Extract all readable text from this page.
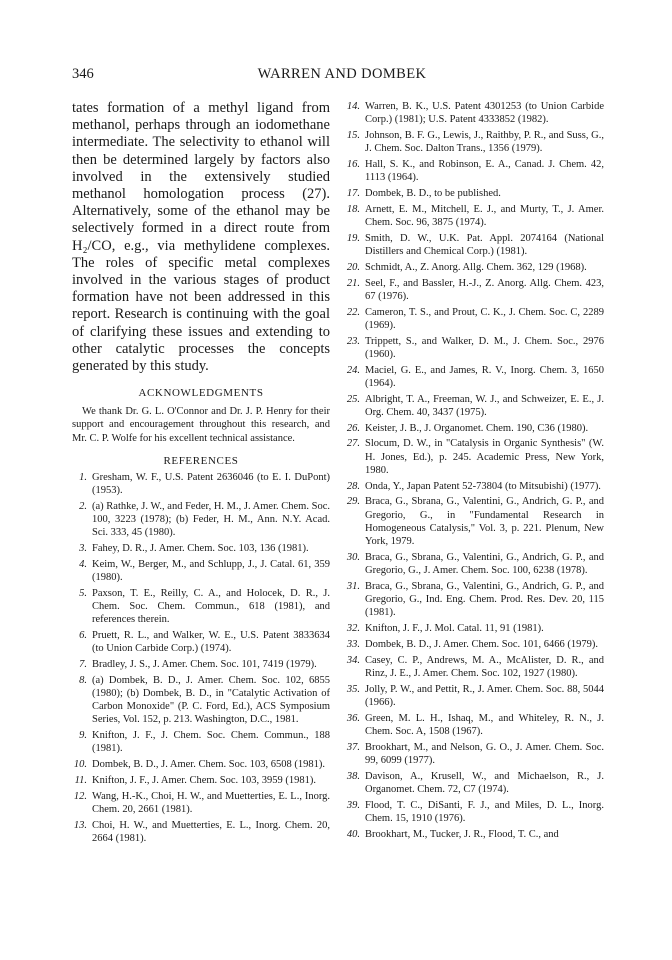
346	WARREN AND DOMBEK

tates formation of a methyl ligand from methanol, perhaps through an iodomethane intermediate. The selectivity to ethanol will then be determined largely by factors also involved in the extensively studied methanol homologation process (27). Alternatively, some of the ethanol may be selectively formed in a direct route from H₂/CO, e.g., via methylidene complexes. The roles of specific metal complexes involved in the various stages of product formation have not been addressed in this report. Research is continuing with the goal of clarifying these issues and extending to other catalytic processes the concepts generated by this study.

ACKNOWLEDGMENTS

We thank Dr. G. L. O'Connor and Dr. J. P. Henry for their support and encouragement throughout this research, and Mr. C. P. Wolfe for his excellent technical assistance.

REFERENCES

1. Gresham, W. F., U.S. Patent 2636046 (to E. I. DuPont) (1953).
2. (a) Rathke, J. W., and Feder, H. M., J. Amer. Chem. Soc. 100, 3223 (1978); (b) Feder, H. M., Ann. N.Y. Acad. Sci. 333, 45 (1980).
3. Fahey, D. R., J. Amer. Chem. Soc. 103, 136 (1981).
4. Keim, W., Berger, M., and Schlupp, J., J. Catal. 61, 359 (1980).
5. Paxson, T. E., Reilly, C. A., and Holocek, D. R., J. Chem. Soc. Chem. Commun., 618 (1981), and references therein.
6. Pruett, R. L., and Walker, W. E., U.S. Patent 3833634 (to Union Carbide Corp.) (1974).
7. Bradley, J. S., J. Amer. Chem. Soc. 101, 7419 (1979).
8. (a) Dombek, B. D., J. Amer. Chem. Soc. 102, 6855 (1980); (b) Dombek, B. D., in "Catalytic Activation of Carbon Monoxide" (P. C. Ford, Ed.), ACS Symposium Series, Vol. 152, p. 213. Washington, D.C., 1981.
9. Knifton, J. F., J. Chem. Soc. Chem. Commun., 188 (1981).
10. Dombek, B. D., J. Amer. Chem. Soc. 103, 6508 (1981).
11. Knifton, J. F., J. Amer. Chem. Soc. 103, 3959 (1981).
12. Wang, H.-K., Choi, H. W., and Muetterties, E. L., Inorg. Chem. 20, 2661 (1981).
13. Choi, H. W., and Muetterties, E. L., Inorg. Chem. 20, 2664 (1981).
14. Warren, B. K., U.S. Patent 4301253 (to Union Carbide Corp.) (1981); U.S. Patent 4333852 (1982).
15. Johnson, B. F. G., Lewis, J., Raithby, P. R., and Suss, G., J. Chem. Soc. Dalton Trans., 1356 (1979).
16. Hall, S. K., and Robinson, E. A., Canad. J. Chem. 42, 1113 (1964).
17. Dombek, B. D., to be published.
18. Arnett, E. M., Mitchell, E. J., and Murty, T., J. Amer. Chem. Soc. 96, 3875 (1974).
19. Smith, D. W., U.K. Pat. Appl. 2074164 (National Distillers and Chemical Corp.) (1981).
20. Schmidt, A., Z. Anorg. Allg. Chem. 362, 129 (1968).
21. Seel, F., and Bassler, H.-J., Z. Anorg. Allg. Chem. 423, 67 (1976).
22. Cameron, T. S., and Prout, C. K., J. Chem. Soc. C, 2289 (1969).
23. Trippett, S., and Walker, D. M., J. Chem. Soc., 2976 (1960).
24. Maciel, G. E., and James, R. V., Inorg. Chem. 3, 1650 (1964).
25. Albright, T. A., Freeman, W. J., and Schweizer, E. E., J. Org. Chem. 40, 3437 (1975).
26. Keister, J. B., J. Organomet. Chem. 190, C36 (1980).
27. Slocum, D. W., in "Catalysis in Organic Synthesis" (W. H. Jones, Ed.), p. 245. Academic Press, New York, 1980.
28. Onda, Y., Japan Patent 52-73804 (to Mitsubishi) (1977).
29. Braca, G., Sbrana, G., Valentini, G., Andrich, G. P., and Gregorio, G., in "Fundamental Research in Homogeneous Catalysis," Vol. 3, p. 221. Plenum, New York, 1979.
30. Braca, G., Sbrana, G., Valentini, G., Andrich, G. P., and Gregorio, G., J. Amer. Chem. Soc. 100, 6238 (1978).
31. Braca, G., Sbrana, G., Valentini, G., Andrich, G. P., and Gregorio, G., Ind. Eng. Chem. Prod. Res. Dev. 20, 115 (1981).
32. Knifton, J. F., J. Mol. Catal. 11, 91 (1981).
33. Dombek, B. D., J. Amer. Chem. Soc. 101, 6466 (1979).
34. Casey, C. P., Andrews, M. A., McAlister, D. R., and Rinz, J. E., J. Amer. Chem. Soc. 102, 1927 (1980).
35. Jolly, P. W., and Pettit, R., J. Amer. Chem. Soc. 88, 5044 (1966).
36. Green, M. L. H., Ishaq, M., and Whiteley, R. N., J. Chem. Soc. A, 1508 (1967).
37. Brookhart, M., and Nelson, G. O., J. Amer. Chem. Soc. 99, 6099 (1977).
38. Davison, A., Krusell, W., and Michaelson, R., J. Organomet. Chem. 72, C7 (1974).
39. Flood, T. C., DiSanti, F. J., and Miles, D. L., Inorg. Chem. 15, 1910 (1976).
40. Brookhart, M., Tucker, J. R., Flood, T. C., and
